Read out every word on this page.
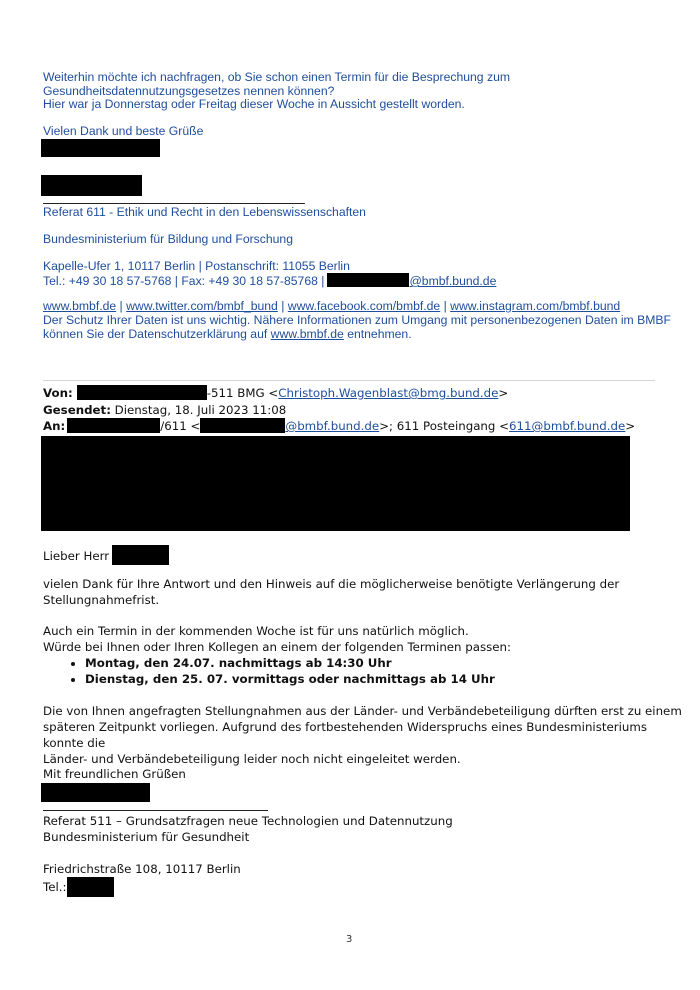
Weiterhin möchte ich nachfragen, ob Sie schon einen Termin für die Besprechung zum
Gesundheitsdatennutzungsgesetzes nennen können?
Hier war ja Donnerstag oder Freitag dieser Woche in Aussicht gestellt worden.
Vielen Dank und beste Grüße
Referat 611 - Ethik und Recht in den Lebenswissenschaften
Bundesministerium für Bildung und Forschung
Kapelle-Ufer 1, 10117 Berlin | Postanschrift: 11055 Berlin
Tel.: +49 30 18 57-5768 | Fax: +49 30 18 57-85768 |	@bmbf.bund.de
www.bmbf.de | www.twitter.com/bmbf_bund | www.facebook.com/bmbf.de | www.instagram.com/bmbf.bund
Der Schutz Ihrer Daten ist uns wichtig. Nähere Informationen zum Umgang mit personenbezogenen Daten im BMBF
können Sie der Datenschutzerklärung auf www.bmbf.de entnehmen.
Von:	-511 BMG <Christoph.Wagenblast@bmg.bund.de>
Gesendet: Dienstag, 18. Juli 2023 11:08
An:	/611 <	@bmbf.bund.de>; 611 Posteingang <611@bmbf.bund.de>
Lieber Herr
vielen Dank für Ihre Antwort und den Hinweis auf die möglicherweise benötigte Verlängerung der
Stellungnahmefrist.
Auch ein Termin in der kommenden Woche ist für uns natürlich möglich.
Würde bei Ihnen oder Ihren Kollegen an einem der folgenden Terminen passen:
• Montag, den 24.07. nachmittags ab 14:30 Uhr
• Dienstag, den 25. 07. vormittags oder nachmittags ab 14 Uhr
Die von Ihnen angefragten Stellungnahmen aus der Länder- und Verbändebeteiligung dürften erst zu einem
späteren Zeitpunkt vorliegen. Aufgrund des fortbestehenden Widerspruchs eines Bundesministeriums konnte die
Länder- und Verbändebeteiligung leider noch nicht eingeleitet werden.
Mit freundlichen Grüßen
Referat 511 – Grundsatzfragen neue Technologien und Datennutzung
Bundesministerium für Gesundheit
Friedrichstraße 108, 10117 Berlin
Tel.:
3
